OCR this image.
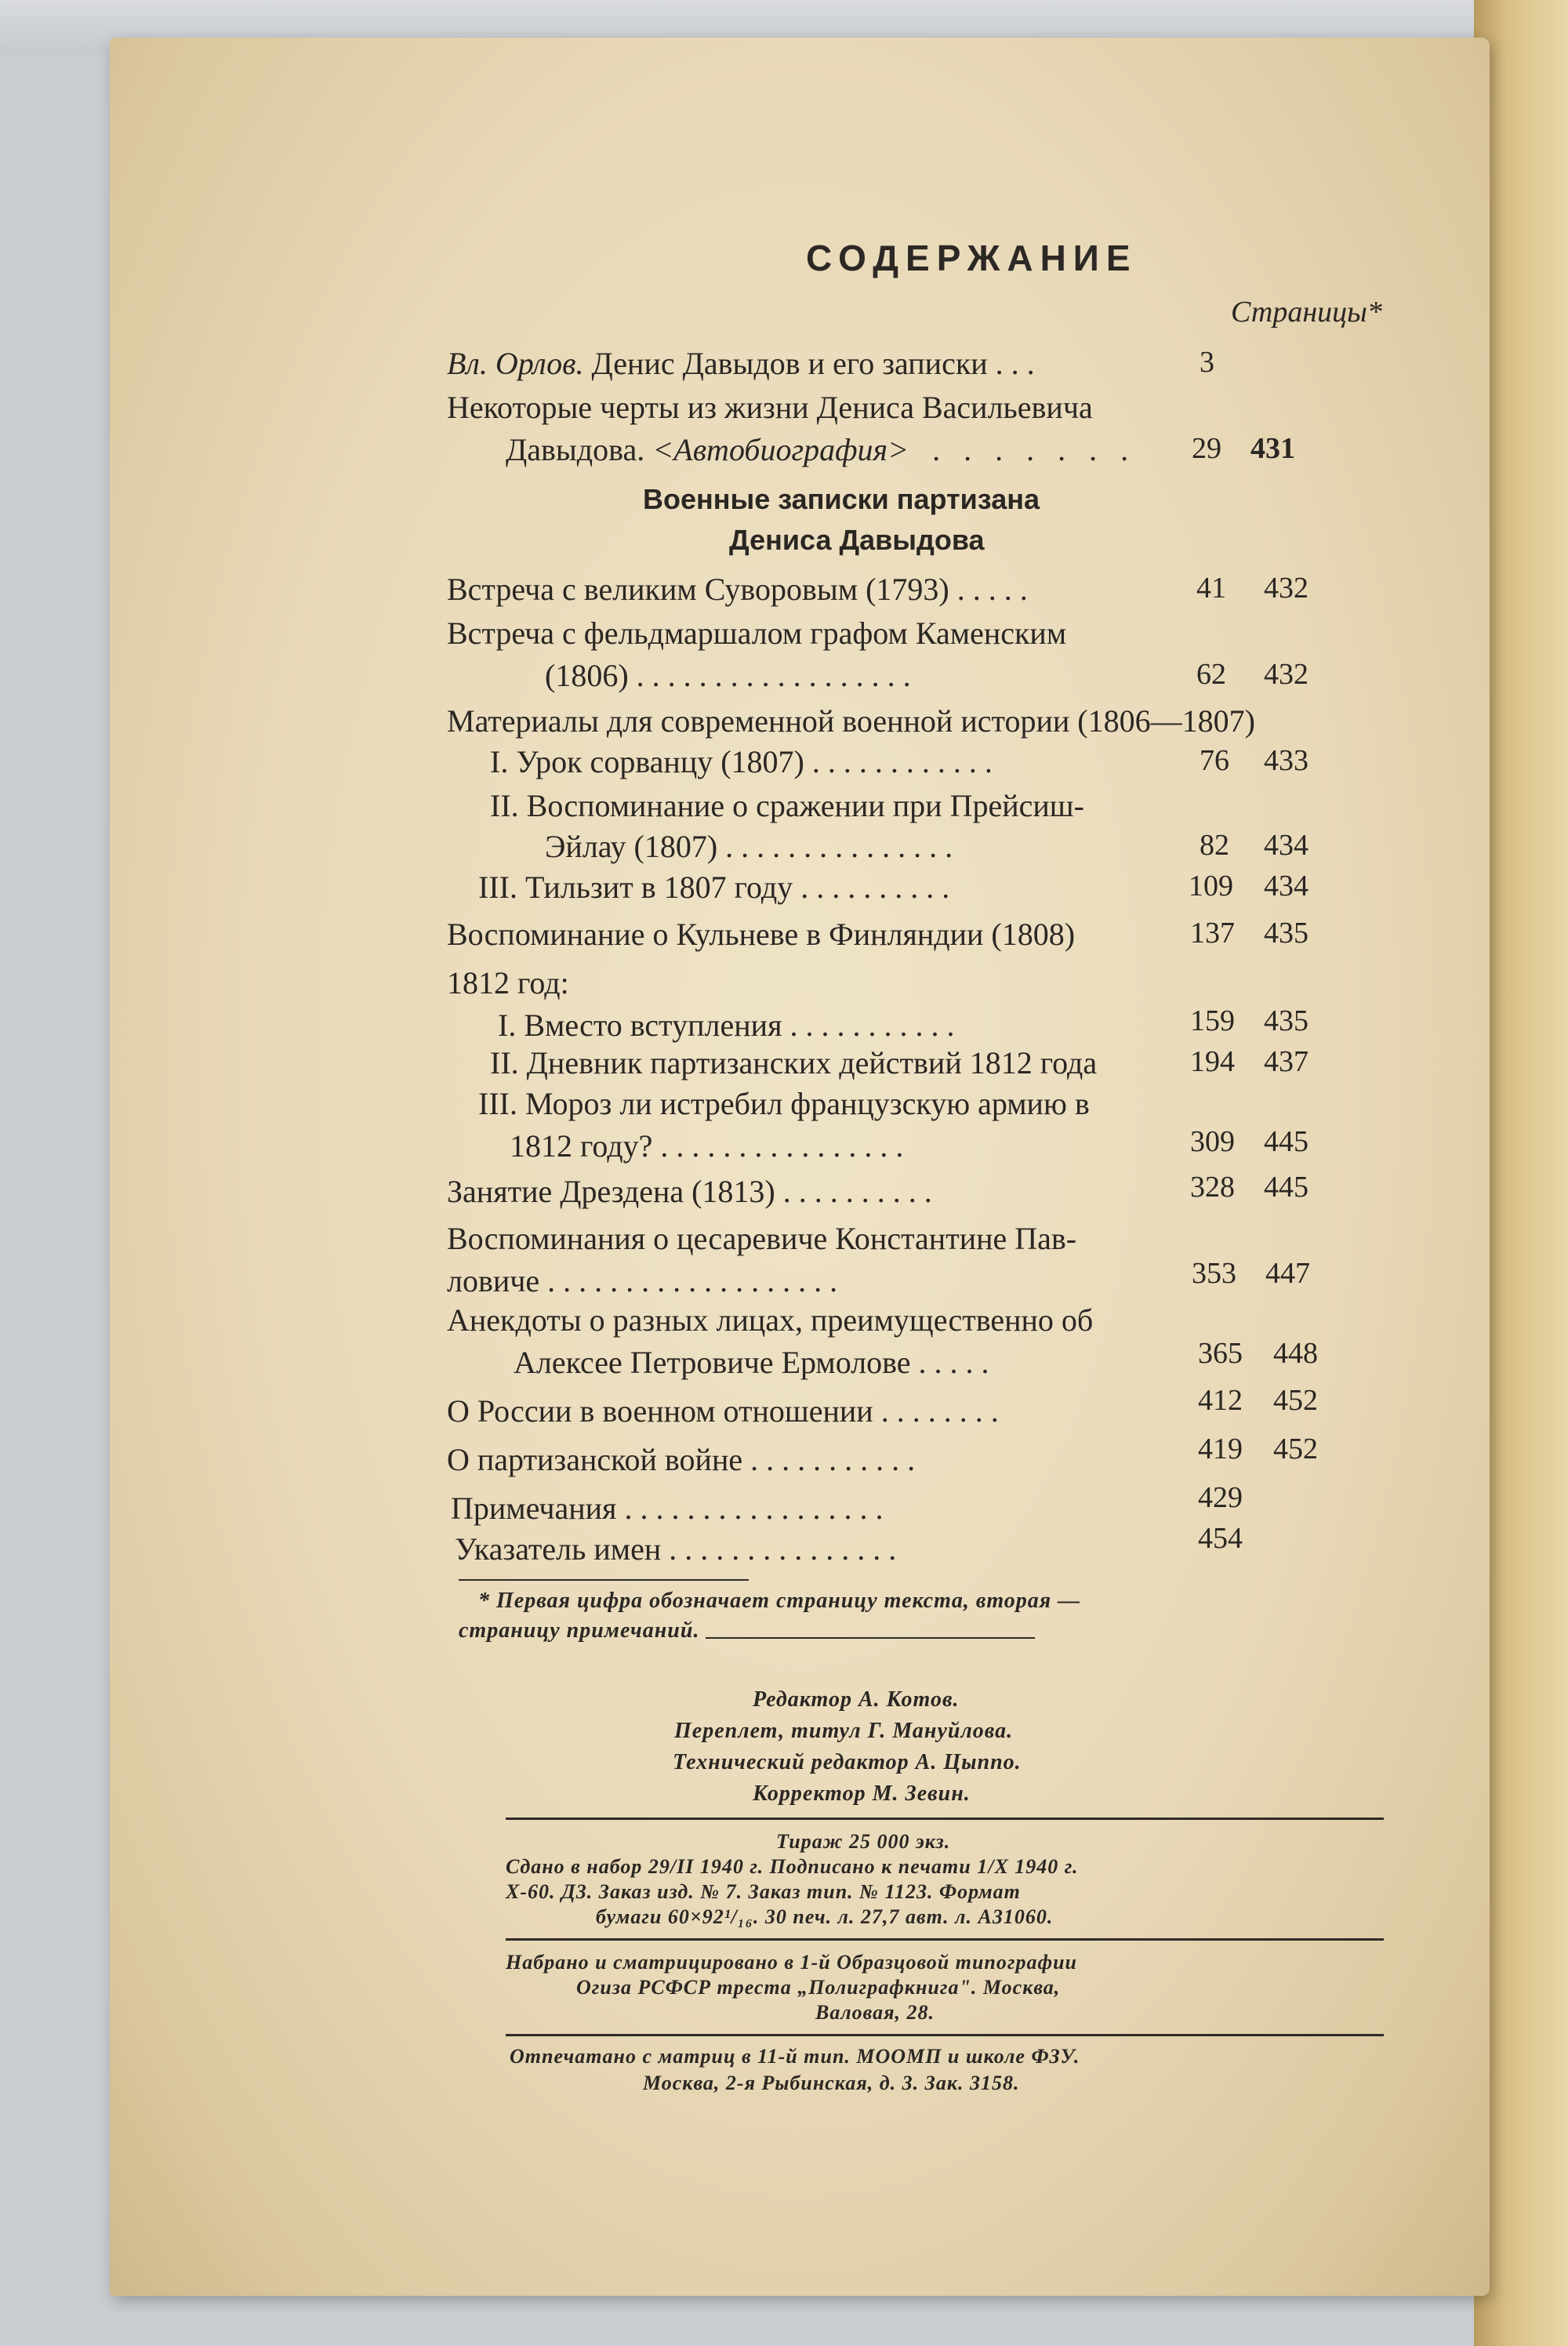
СОДЕРЖАНИЕ
Страницы*
Вл. Орлов. Денис Давыдов и его записки . . .	3
Некоторые черты из жизни Дениса Васильевича
Давыдова. <Автобиография> . . . . . . . 29 431
Военные записки партизана
Дениса Давыдова
Встреча с великим Суворовым (1793) . . . . .	41 432
Встреча с фельдмаршалом графом Каменским
(1806) . . . . . . . . . . . . . . . . . .	62 432
Материалы для современной военной истории (1806—1807)
I. Урок сорванцу (1807) . . . . . . . . . . . .	76 433
II. Воспоминание о сражении при Прейсиш-
Эйлау (1807) . . . . . . . . . . . . . . .	82 434
III. Тильзит в 1807 году . . . . . . . . . .	109 434
Воспоминание о Кульневе в Финляндии (1808)	137 435
1812 год:
I. Вместо вступления . . . . . . . . . . .	159 435
II. Дневник партизанских действий 1812 года	194 437
III. Мороз ли истребил французскую армию в
1812 году? . . . . . . . . . . . . . . . .	309 445
Занятие Дрездена (1813) . . . . . . . . . .	328 445
Воспоминания о цесаревиче Константине Пав-
ловиче . . . . . . . . . . . . . . . . . . .	353 447
Анекдоты о разных лицах, преимущественно об
Алексее Петровиче Ермолове . . . . .	365 448
О России в военном отношении . . . . . . . .	412 452
О партизанской войне . . . . . . . . . . .	419 452
Примечания . . . . . . . . . . . . . . . . .	429
Указатель имен . . . . . . . . . . . . . . .	454
* Первая цифра обозначает страницу текста, вторая —
страницу примечаний.
Редактор А. Котов.
Переплет, титул Г. Мануйлова.
Технический редактор А. Цыппо.
Корректор М. Зевин.
Тираж 25 000 экз.
Сдано в набор 29/II 1940 г. Подписано к печати 1/X 1940 г.
Х-60. Д3. Заказ изд. № 7. Заказ тип. № 1123. Формат
бумаги 60×92¹/₁₆. 30 печ. л. 27,7 авт. л. А31060.
Набрано и сматрицировано в 1-й Образцовой типографии
Огиза РСФСР треста „Полиграфкнига". Москва,
Валовая, 28.
Отпечатано с матриц в 11-й тип. МООМП и школе ФЗУ.
Москва, 2-я Рыбинская, д. 3. Зак. 3158.
